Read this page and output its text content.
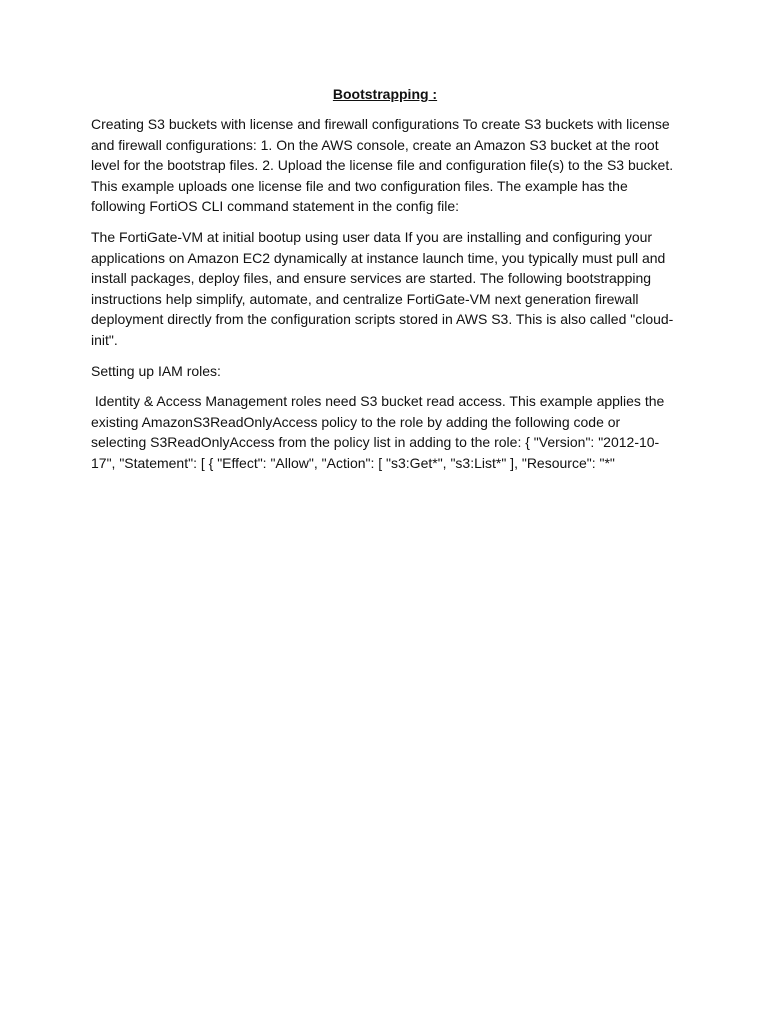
Bootstrapping :

Creating S3 buckets with license and firewall configurations To create S3 buckets with license and firewall configurations: 1. On the AWS console, create an Amazon S3 bucket at the root level for the bootstrap files. 2. Upload the license file and configuration file(s) to the S3 bucket. This example uploads one license file and two configuration files. The example has the following FortiOS CLI command statement in the config file:

The FortiGate-VM at initial bootup using user data If you are installing and configuring your applications on Amazon EC2 dynamically at instance launch time, you typically must pull and install packages, deploy files, and ensure services are started. The following bootstrapping instructions help simplify, automate, and centralize FortiGate-VM next generation firewall deployment directly from the configuration scripts stored in AWS S3. This is also called "cloud-init".

Setting up IAM roles:

Identity & Access Management roles need S3 bucket read access. This example applies the existing AmazonS3ReadOnlyAccess policy to the role by adding the following code or selecting S3ReadOnlyAccess from the policy list in adding to the role: { "Version": "2012-10-17", "Statement": [ { "Effect": "Allow", "Action": [ "s3:Get*", "s3:List*" ], "Resource": "*"
